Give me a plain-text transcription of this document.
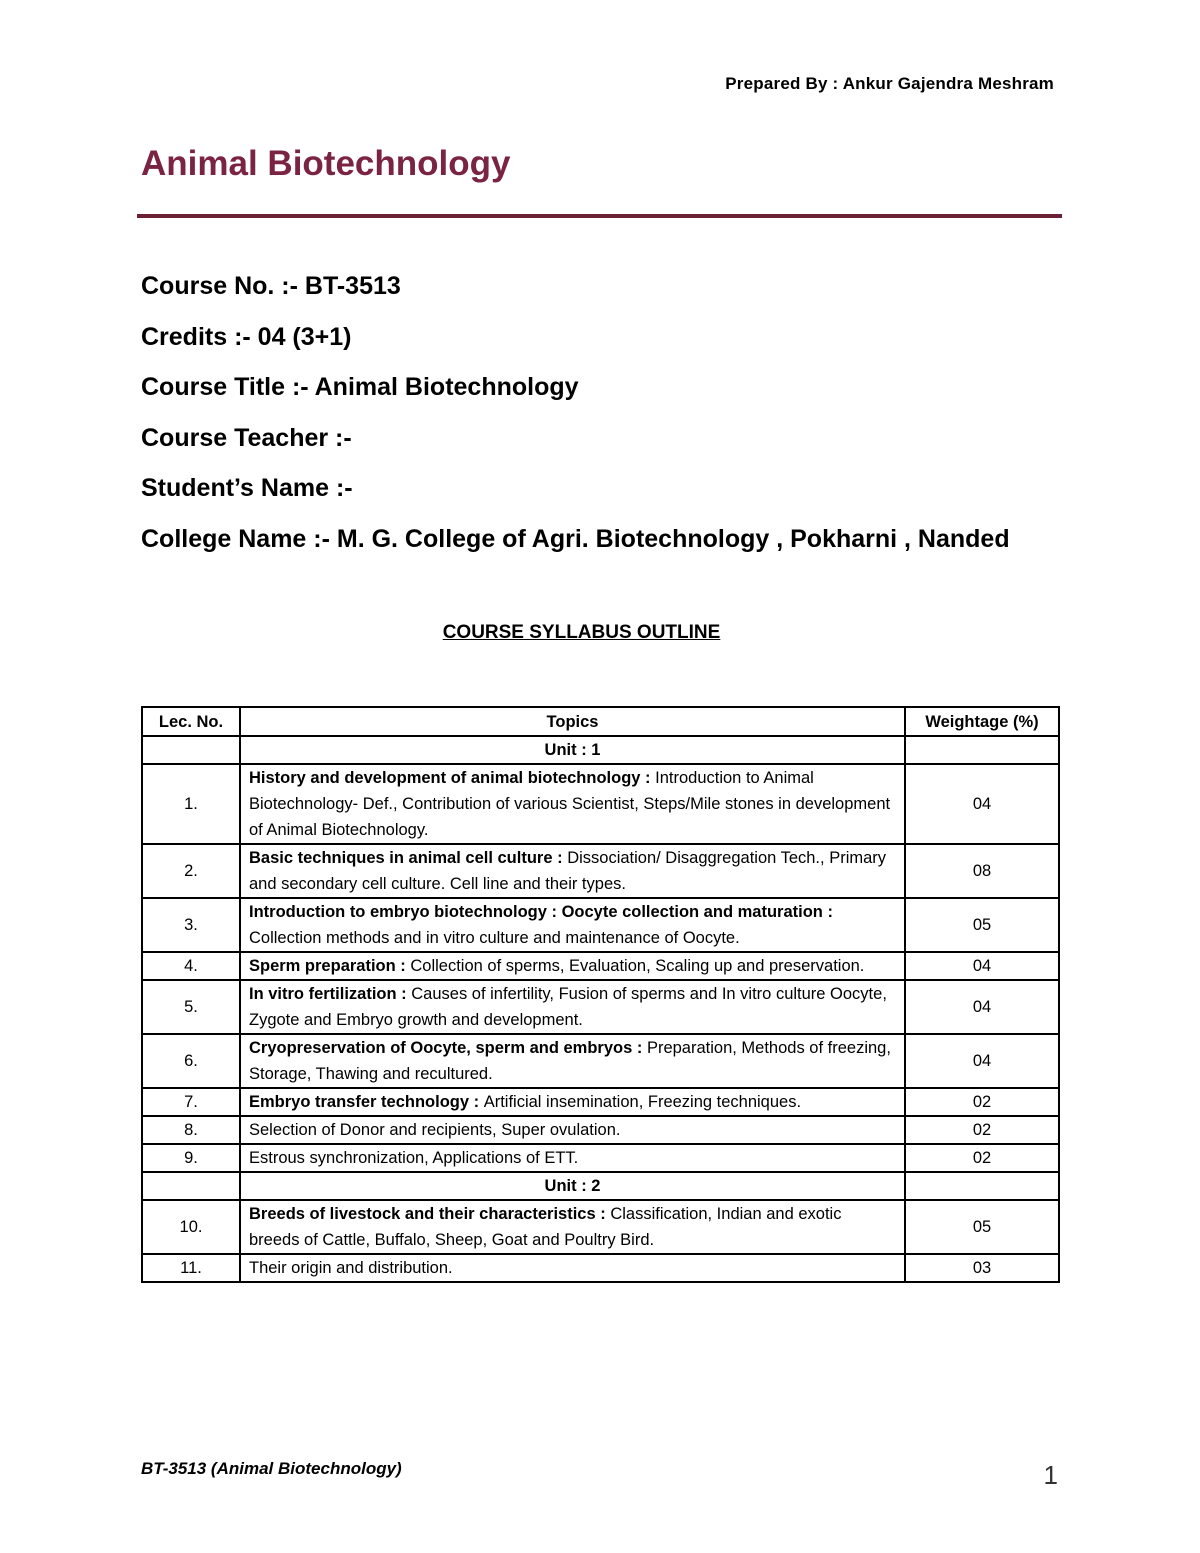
Prepared By : Ankur Gajendra Meshram
Animal Biotechnology
Course No. :- BT-3513
Credits :- 04 (3+1)
Course Title :- Animal Biotechnology
Course Teacher :-
Student’s Name :-
College Name :- M. G. College of Agri. Biotechnology , Pokharni , Nanded
COURSE SYLLABUS OUTLINE
Lec. No.	Topics	Weightage (%)
	Unit : 1	
1.	History and development of animal biotechnology : Introduction to Animal Biotechnology- Def., Contribution of various Scientist, Steps/Mile stones in development of Animal Biotechnology.	04
2.	Basic techniques in animal cell culture : Dissociation/ Disaggregation Tech., Primary and secondary cell culture. Cell line and their types.	08
3.	Introduction to embryo biotechnology : Oocyte collection and maturation : Collection methods and in vitro culture and maintenance of Oocyte.	05
4.	Sperm preparation : Collection of sperms, Evaluation, Scaling up and preservation.	04
5.	In vitro fertilization : Causes of infertility, Fusion of sperms and In vitro culture Oocyte, Zygote and Embryo growth and development.	04
6.	Cryopreservation of Oocyte, sperm and embryos : Preparation, Methods of freezing, Storage, Thawing and recultured.	04
7.	Embryo transfer technology : Artificial insemination, Freezing techniques.	02
8.	Selection of Donor and recipients, Super ovulation.	02
9.	Estrous synchronization, Applications of ETT.	02
	Unit : 2	
10.	Breeds of livestock and their characteristics : Classification, Indian and exotic breeds of Cattle, Buffalo, Sheep, Goat and Poultry Bird.	05
11.	Their origin and distribution.	03
BT-3513 (Animal Biotechnology)	1
